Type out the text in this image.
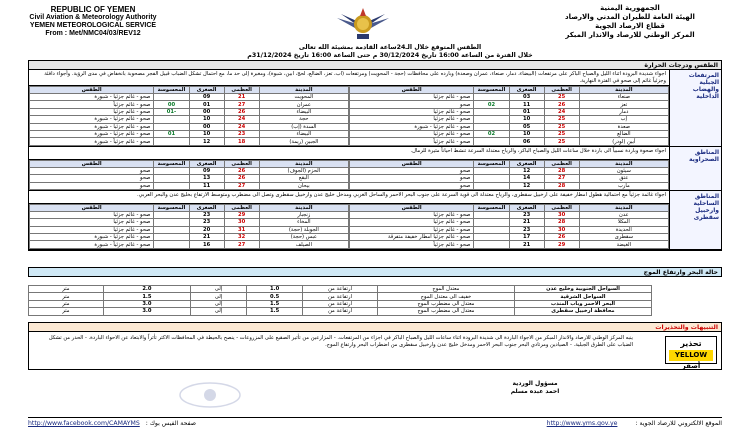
REPUBLIC OF YEMEN
Civil Aviation & Meteorology Authority
YEMEN METEOROLOGICAL SERVICE
From : Met/NMC04/03/REV12
الجمهورية اليمنية
الهيئة العامة للطيران المدني والارصاد
قطاع الارصاد الجوية
المركز الوطني للارصاد والانذار المبكر
الطقس المتوقع خلال الـ24ساعة القادمة بمشيئة الله تعالى
خلال الفترة من الساعة 16:00 تاريخ 30/12/2024 م حتى الساعة 16:00 تاريخ 31/12/2024م
الطقس ودرجات الحرارة
المرتفعات الجبلية والهضاب الداخلية
اجواء شديدة البرودة اثناء الليل والصباح الباكر على مرتفعات (البيضاء، ذمار، صنعاء، عمران وصعدة) وبارده على محافظات (حجة - المحويت) ومرتفعات (اب، تعز، الضالع، لحج، ابين، شبوة)، ومغبرة إلى حد ما، مع احتمال تشكل الضباب قبيل الفجر مصحوبة بانخفاض في مدى الرؤية. وأجواء دافئة وجزئياً غائم إلى صحو في الفترة النهارية.
المدينة	العظمى	الصغرى	المحسوسة	الطقس
صنعاء	25	03		صحو - غائم جزئياً
تعز	26	11	02	صحو
ذمار	24	01		صحو - غائم جزئياً
إب	25	10		صحو - غائم جزئياً
صعدة	25	05		صحو - غائم جزئياً - شبورة
الضالع	25	10	02	صحو - غائم جزئياً
أبين (لودر)	25	06		صحو - غائم جزئياً
المدينة	العظمى	الصغرى	المحسوسة	الطقس
المحويت	21	09		صحو - غائم جزئياً - شبورة
عمران	27	01	00	صحو - غائم جزئياً
البيضاء	26	00	-01	صحو - غائم جزئياً
حجة	24	10		صحو - غائم جزئياً - شبورة
السدة (إب)	24	00		صحو - غائم جزئياً - شبورة
البيضاء	23	10	01	صحو - غائم جزئياً - شبورة
الجبين (ريمة)	18	12		صحو - غائم جزئياً - شبورة
المناطق الصحراوية
اجواء صحوة وباردة نسبياً الى باردة خلال ساعات الليل والصباح الباكر، والرياح معتدلة السرعة تنشط احياناً مثيرة للرمال.
المدينة	العظمى	الصغرى	المحسوسة	الطقس
سيئون	28	12		صحو
عتق	27	14		صحو
مأرب	28	12		صحو
المدينة	العظمى	الصغرى	المحسوسة	الطقس
الحزم (الجوف)	26	09		صحو
البقع	26	13		صحو
بيحان	27	11		صحو
المناطق الساحلية وارخبيل سقطرى
اجواء غائمة جزئياً مع احتمالية هطول امطار خفيفة على ارخبيل سقطرى، والرياح معتدلة الى قوية السرعة على جنوب البحر الاحمر والساحل الغربي ومدخل خليج عدن وارخبيل سقطرى وتصل الى مضطرب ومتوسط الارتفاع بخليج عدن والبحر العربي.
المدينة	العظمى	الصغرى	المحسوسة	الطقس
عدن	30	23		صحو - غائم جزئياً
المكلا	28	21		صحو - غائم جزئياً
الحديدة	30	23		صحو - غائم جزئياً
سقطرى	26	17		صحو - غائم جزئياً امطار خفيفة متفرقة
الغيضة	29	21		صحو - غائم جزئياً
المدينة	العظمى	الصغرى	المحسوسة	الطقس
زنجبار	29	23		صحو - غائم جزئياً
المخاء	30	23		صحو - غائم جزئياً
الجوبلة (حجة)	31	20		صحو - غائم جزئياً
عبس (حجة)	32	21		صحو - غائم جزئياً - شبورة
الصيلف	27	16		صحو - غائم جزئياً - شبورة
حالة البحر وارتفاع الموج
السواحل الجنوبية وخليج عدن	معتدل الموج	ارتفاعة من	1.0	إلى	2.0	متر
السواحل الشرقية	خفيف الى معتدل الموج	ارتفاعة من	0.5	إلى	1.5	متر
البحر الاحمر وباب المندب	معتدل الى مضطرب الموج	ارتفاعة من	1.5	إلى	3.0	متر
محافظة ارخبيل سقطرى	معتدل الى مضطرب الموج	ارتفاعة من	1.5	إلى	3.0	متر
التنبيهات والتحذيرات
ينبه المركز الوطني للارصاد والانذار المبكر من الاجواء الباردة الى شديدة البرودة اثناء ساعات الليل والصباح الباكر في اجزاء من المرتفعات. - المزارعين من تأثير الصقيع على المزروعات - ينصح بالحيطة في المحافظات الاكثر تأثراً والابتعاد عن الاحواء الباردة. - الحذر من تشكل الضباب على الطرق الجبلية. - الصيادين ومرتادي البحر جنوب البحر الاحمر ومدخل خليج عدن وارخبيل سقطرى من اضطراب البحر وارتفاع الموج.	تحذير
YELLOW أصفر
مسؤول الوردية
احمد عبده مسلم
صفحة الفيس بوك :
http://www.facebook.com/CAMAYMS	الموقع الالكتروني للارصاد الجوية :
http://www.yms.gov.ye
